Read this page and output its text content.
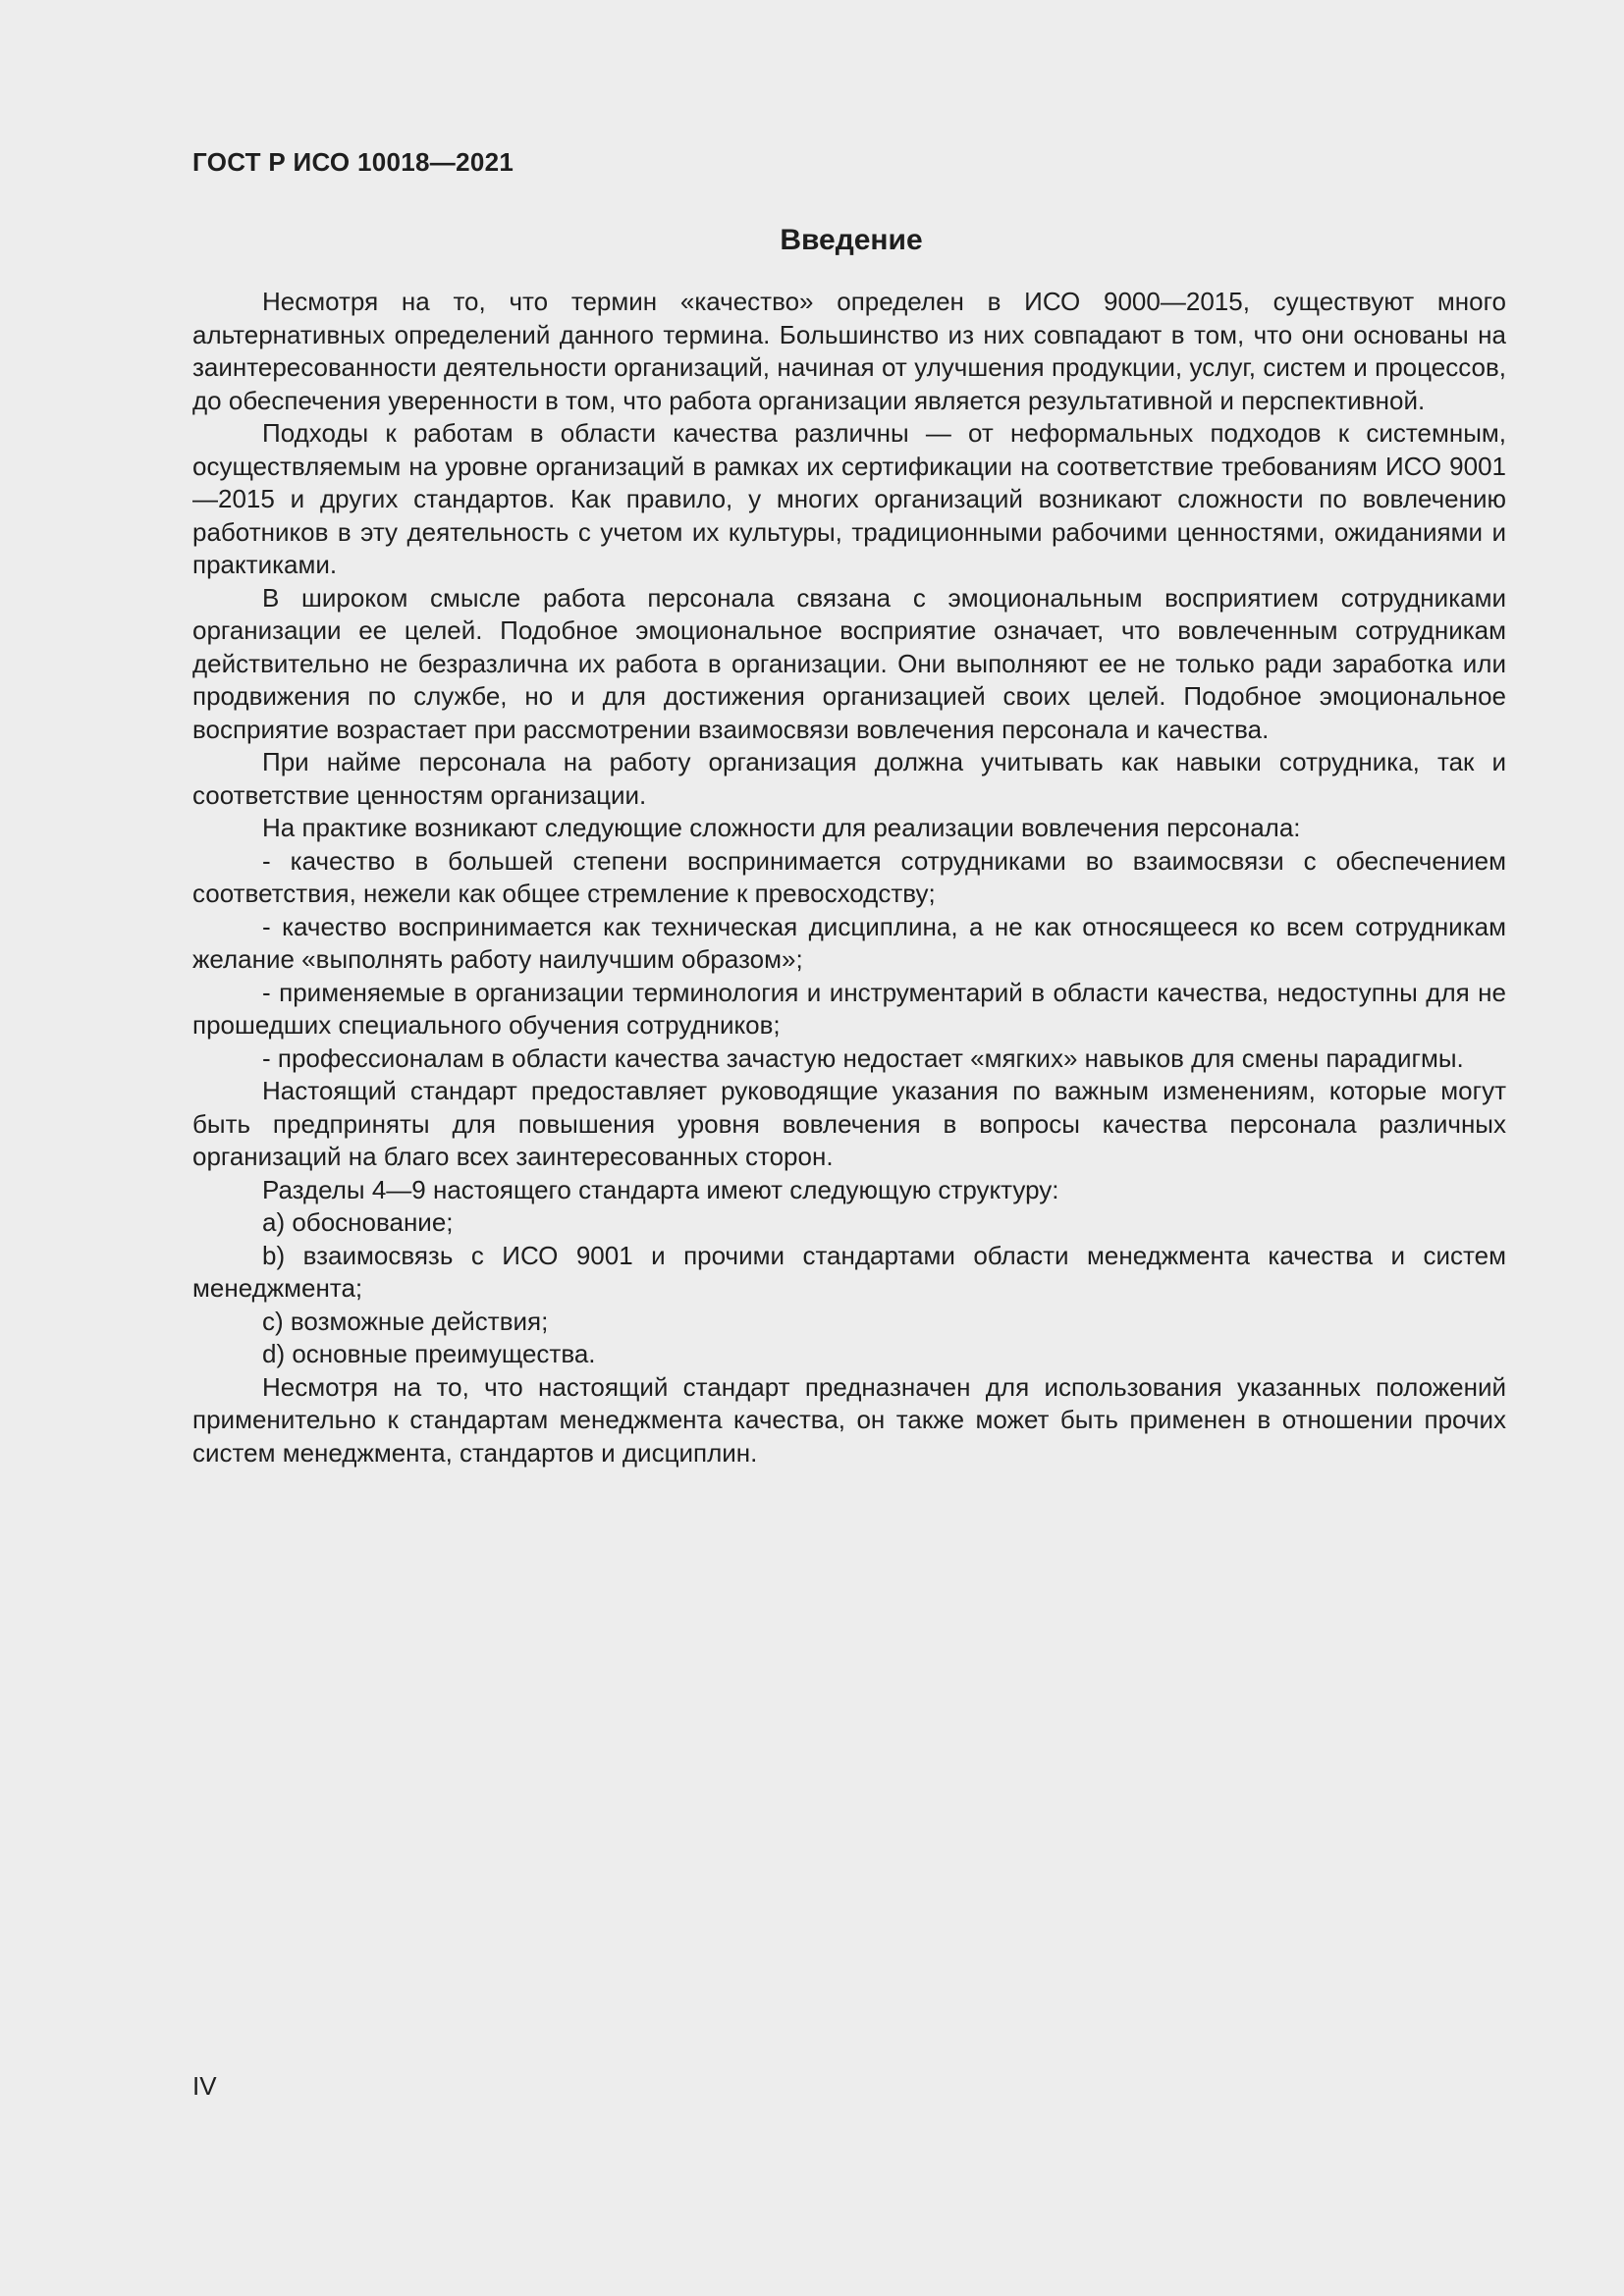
ГОСТ Р ИСО 10018—2021
Введение

Несмотря на то, что термин «качество» определен в ИСО 9000—2015, существуют много альтернативных определений данного термина. Большинство из них совпадают в том, что они основаны на заинтересованности деятельности организаций, начиная от улучшения продукции, услуг, систем и процессов, до обеспечения уверенности в том, что работа организации является результативной и перспективной.

Подходы к работам в области качества различны — от неформальных подходов к системным, осуществляемым на уровне организаций в рамках их сертификации на соответствие требованиям ИСО 9001—2015 и других стандартов. Как правило, у многих организаций возникают сложности по вовлечению работников в эту деятельность с учетом их культуры, традиционными рабочими ценностями, ожиданиями и практиками.

В широком смысле работа персонала связана с эмоциональным восприятием сотрудниками организации ее целей. Подобное эмоциональное восприятие означает, что вовлеченным сотрудникам действительно не безразлична их работа в организации. Они выполняют ее не только ради заработка или продвижения по службе, но и для достижения организацией своих целей. Подобное эмоциональное восприятие возрастает при рассмотрении взаимосвязи вовлечения персонала и качества.

При найме персонала на работу организация должна учитывать как навыки сотрудника, так и соответствие ценностям организации.

На практике возникают следующие сложности для реализации вовлечения персонала:

- качество в большей степени воспринимается сотрудниками во взаимосвязи с обеспечением соответствия, нежели как общее стремление к превосходству;

- качество воспринимается как техническая дисциплина, а не как относящееся ко всем сотрудникам желание «выполнять работу наилучшим образом»;

- применяемые в организации терминология и инструментарий в области качества, недоступны для не прошедших специального обучения сотрудников;

- профессионалам в области качества зачастую недостает «мягких» навыков для смены парадигмы.

Настоящий стандарт предоставляет руководящие указания по важным изменениям, которые могут быть предприняты для повышения уровня вовлечения в вопросы качества персонала различных организаций на благо всех заинтересованных сторон.

Разделы 4—9 настоящего стандарта имеют следующую структуру:

a) обоснование;

b) взаимосвязь с ИСО 9001 и прочими стандартами области менеджмента качества и систем менеджмента;

c) возможные действия;

d) основные преимущества.

Несмотря на то, что настоящий стандарт предназначен для использования указанных положений применительно к стандартам менеджмента качества, он также может быть применен в отношении прочих систем менеджмента, стандартов и дисциплин.

IV
